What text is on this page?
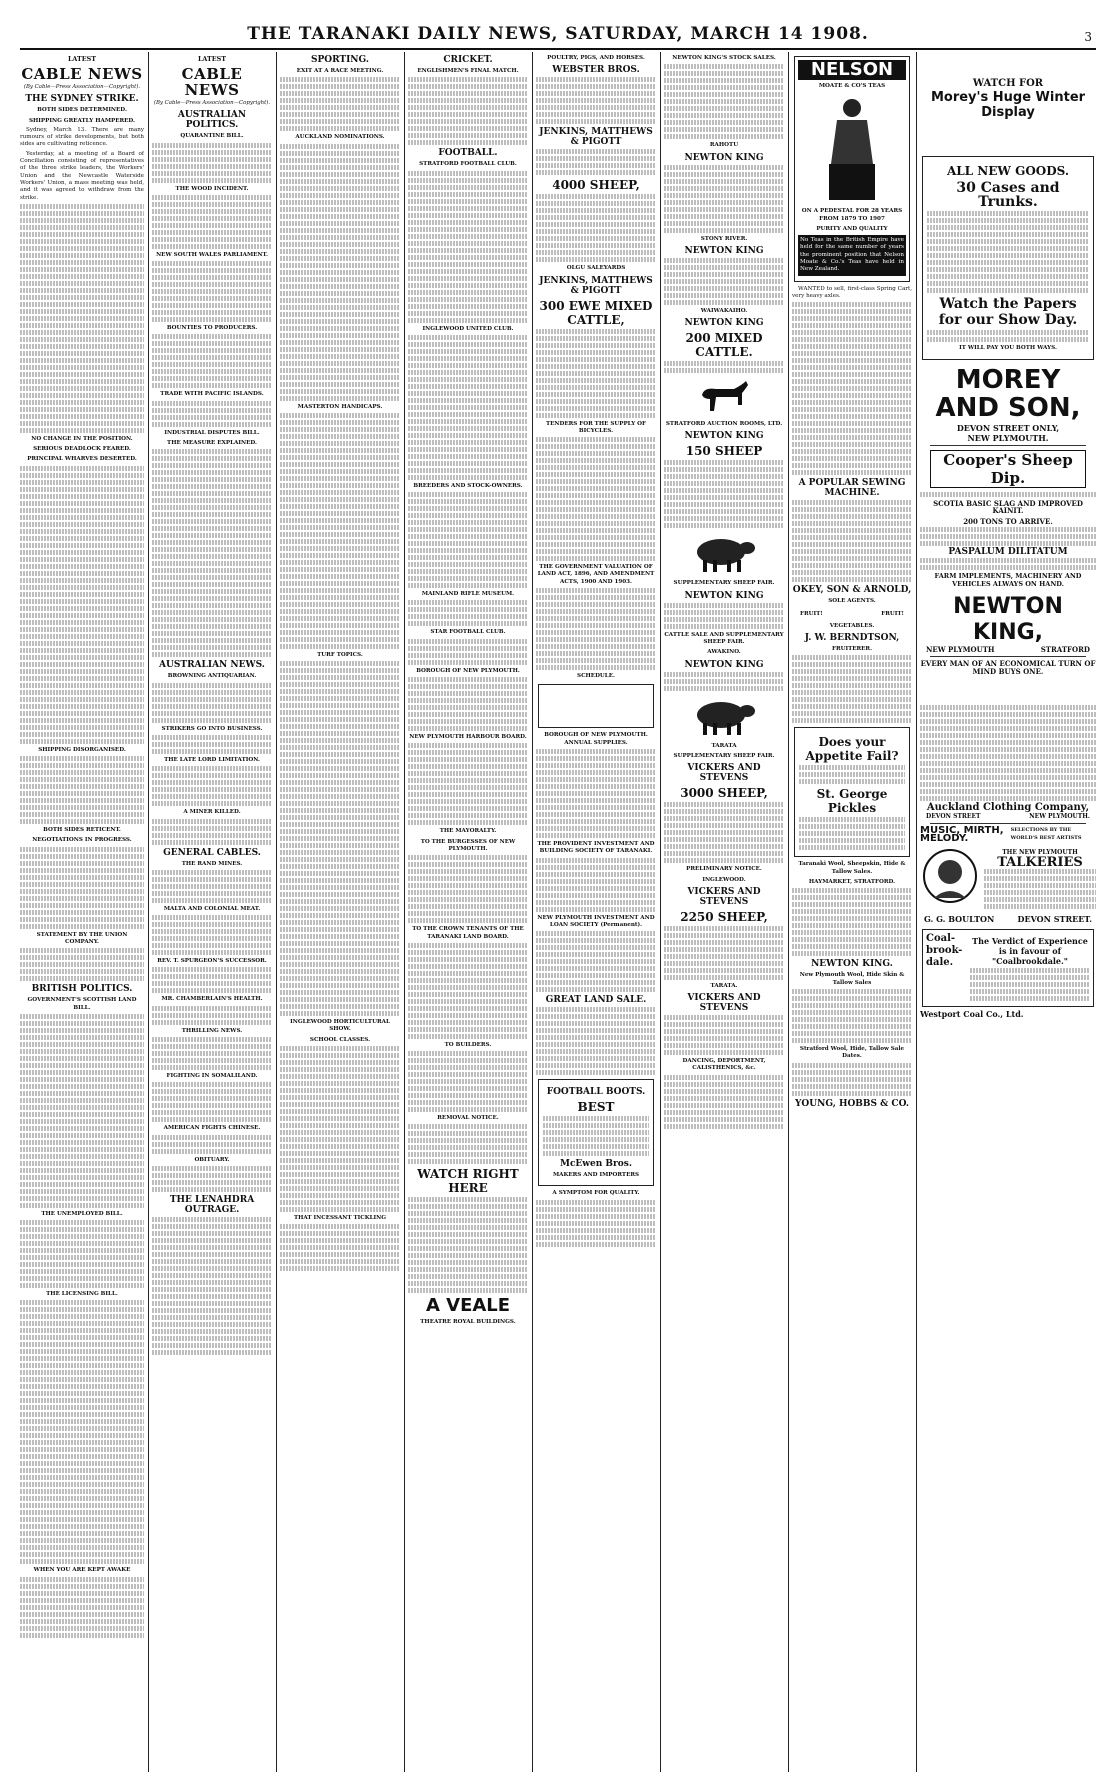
THE TARANAKI DAILY NEWS, SATURDAY, MARCH 14 1908.	3
LATEST
CABLE NEWS
(By Cable—Press Association—Copyright).
THE SYDNEY STRIKE.
BOTH SIDES DETERMINED.
SHIPPING GREATLY HAMPERED.

Sydney, March 13. There are many rumours of strike developments, but both sides are cultivating reticence.

Yesterday, at a meeting of a Board of Conciliation consisting of representatives of the three strike leaders, the Workers' Union and the Newcastle Waterside Workers' Union, a mass meeting was held, and it was agreed to withdraw from the strike.

NO CHANGE IN THE POSITION.
SERIOUS DEADLOCK FEARED.
PRINCIPAL WHARVES DESERTED.
SHIPPING DISORGANISED.
BOTH SIDES RETICENT.
NEGOTIATIONS IN PROGRESS.
STATEMENT BY THE UNION COMPANY.
BRITISH POLITICS.
GOVERNMENT'S SCOTTISH LAND BILL.
THE UNEMPLOYED BILL.
THE LICENSING BILL.
WHEN YOU ARE KEPT AWAKE
LATEST
CABLE NEWS
(By Cable—Press Association—Copyright).
AUSTRALIAN POLITICS.
QUARANTINE BILL.
THE WOOD INCIDENT.
NEW SOUTH WALES PARLIAMENT.
BOUNTIES TO PRODUCERS.
TRADE WITH PACIFIC ISLANDS.
INDUSTRIAL DISPUTES BILL.
THE MEASURE EXPLAINED.
AUSTRALIAN NEWS.
BROWNING ANTIQUARIAN.
STRIKERS GO INTO BUSINESS.
THE LATE LORD LIMITATION.
A MINER KILLED.
GENERAL CABLES.
THE RAND MINES.
MALTA AND COLONIAL MEAT.
REV. T. SPURGEON'S SUCCESSOR.
MR. CHAMBERLAIN'S HEALTH.
THRILLING NEWS.
FIGHTING IN SOMALILAND.
AMERICAN FIGHTS CHINESE.
OBITUARY.
THE LENAHDRA OUTRAGE.
SPORTING.
EXIT AT A RACE MEETING.
AUCKLAND NOMINATIONS.
MASTERTON HANDICAPS.
TURF TOPICS.
INGLEWOOD HORTICULTURAL SHOW.
SCHOOL CLASSES.
THAT INCESSANT TICKLING
CRICKET.
ENGLISHMEN'S FINAL MATCH.
FOOTBALL.
STRATFORD FOOTBALL CLUB.
INGLEWOOD UNITED CLUB.
BREEDERS AND STOCK-OWNERS.
MAINLAND RIFLE MUSEUM.
STAR FOOTBALL CLUB.
BOROUGH OF NEW PLYMOUTH.
NEW PLYMOUTH HARBOUR BOARD.
THE MAYORALTY.
TO THE BURGESSES OF NEW PLYMOUTH.
TO THE CROWN TENANTS OF THE TARANAKI LAND BOARD.
TO BUILDERS.
REMOVAL NOTICE.
WATCH RIGHT HERE
A VEALE
THEATRE ROYAL BUILDINGS.
POULTRY, PIGS, AND HORSES.
WEBSTER BROS.
JENKINS, MATTHEWS & PIGOTT
4000 SHEEP,
OLGU SALEYARDS
JENKINS, MATTHEWS & PIGOTT
300 EWE MIXED CATTLE,
TENDERS FOR THE SUPPLY OF BICYCLES.
THE GOVERNMENT VALUATION OF LAND ACT, 1896, AND AMENDMENT ACTS, 1900 AND 1903.
SCHEDULE.
BOROUGH OF NEW PLYMOUTH. ANNUAL SUPPLIES.
THE PROVIDENT INVESTMENT AND BUILDING SOCIETY OF TARANAKI.
NEW PLYMOUTH INVESTMENT AND LOAN SOCIETY (Permanent).
GREAT LAND SALE.
FOOTBALL BOOTS.
BEST
McEwen Bros.
MAKERS AND IMPORTERS
A SYMPTOM FOR QUALITY.
NEWTON KING'S STOCK SALES.
RAHOTU
NEWTON KING
STONY RIVER.
NEWTON KING
WAIWAKAIHO.
NEWTON KING
200 MIXED CATTLE.
STRATFORD AUCTION ROOMS, LTD.
NEWTON KING
150 SHEEP
SUPPLEMENTARY SHEEP FAIR.
NEWTON KING
CATTLE SALE AND SUPPLEMENTARY SHEEP FAIR.
AWAKINO.
NEWTON KING
TARATA
SUPPLEMENTARY SHEEP FAIR.
VICKERS AND STEVENS
3000 SHEEP,
PRELIMINARY NOTICE.
INGLEWOOD.
VICKERS AND STEVENS
2250 SHEEP,
TARATA.
VICKERS AND STEVENS
DANCING, DEPORTMENT, CALISTHENICS, &c.
NELSON
MOATE & CO'S TEAS
ON A PEDESTAL FOR 28 YEARS FROM 1879 TO 1907
PURITY AND QUALITY

No Teas in the British Empire have held for the same number of years the prominent position that Nelson Moate & Co.'s Teas have held in New Zealand.

WANTED to sell, first-class Spring Cart, very heavy axles.

A POPULAR SEWING MACHINE.
OKEY, SON & ARNOLD,
SOLE AGENTS.
FRUIT!	FRUIT!
VEGETABLES.
J. W. BERNDTSON,
FRUITERER.
Does your Appetite Fail?
St. George Pickles
Taranaki Wool, Sheepskin, Hide & Tallow Sales.
HAYMARKET, STRATFORD.
NEWTON KING.
New Plymouth Wool, Hide Skin & Tallow Sales
Stratford Wool, Hide, Tallow Sale Dates.
YOUNG, HOBBS & CO.
WATCH FOR
Morey's Huge Winter Display
ALL NEW GOODS.
30 Cases and Trunks.
Watch the Papers for our Show Day.
IT WILL PAY YOU BOTH WAYS.
MOREY AND SON,
DEVON STREET ONLY,
NEW PLYMOUTH.
Cooper's Sheep Dip.
SCOTIA BASIC SLAG AND IMPROVED KAINIT.
200 TONS TO ARRIVE.
PASPALUM DILITATUM
FARM IMPLEMENTS, MACHINERY AND VEHICLES ALWAYS ON HAND.
NEWTON KING,
NEW PLYMOUTH	STRATFORD
EVERY MAN OF AN ECONOMICAL TURN OF MIND BUYS ONE.
Auckland Clothing Company,
DEVON STREET	NEW PLYMOUTH.
MUSIC, MIRTH, MELODY.
SELECTIONS BY THE WORLD'S BEST ARTISTS
THE NEW PLYMOUTH
TALKERIES
G. G. BOULTON	DEVON STREET.
Coal-brook-dale.
The Verdict of Experience is in favour of "Coalbrookdale."
Westport Coal Co., Ltd.
